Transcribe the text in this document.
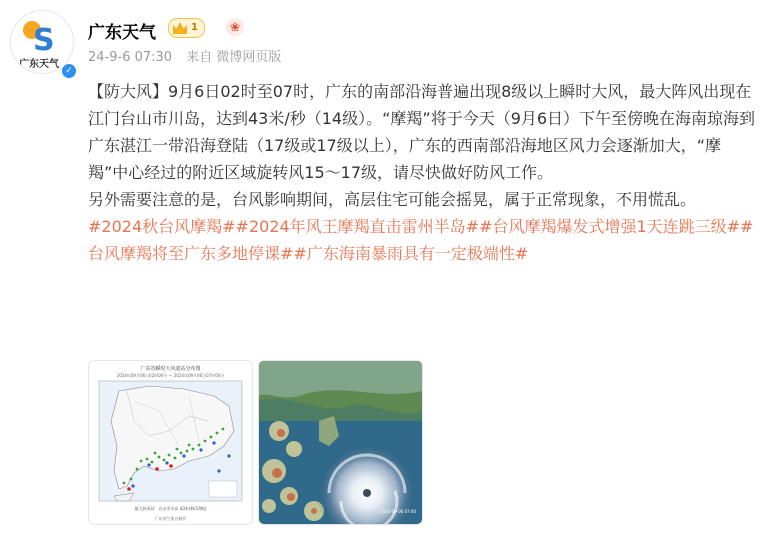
S
广东天气
✓
广东天气	1	❀
24-9-6 07:30 来自 微博网页版
【防大风】9月6日02时至07时，广东的南部沿海普遍出现8级以上瞬时大风，最大阵风出现在江门台山市川岛，达到43米/秒（14级）。“摩羯”将于今天（9月6日）下午至傍晚在海南琼海到广东湛江一带沿海登陆（17级或17级以上），广东的西南部沿海地区风力会逐渐加大，“摩羯”中心经过的附近区域旋转风15～17级，请尽快做好防风工作。
另外需要注意的是，台风影响期间，高层住宅可能会摇晃，属于正常现象，不用慌乱。
#2024秋台风摩羯##2024年风王摩羯直击雷州半岛##台风摩羯爆发式增强1天连跳三级##台风摩羯将至广东多地停课##广东海南暴雨具有一定极端性#
广东省瞬时大风逐站分布图
2024年09月06日02时00分 — 2024年09月06日07时00分
最大阵风站：台山市川岛 43米/秒(14级)
广东省气象台制作
2024-09-06 07:00
